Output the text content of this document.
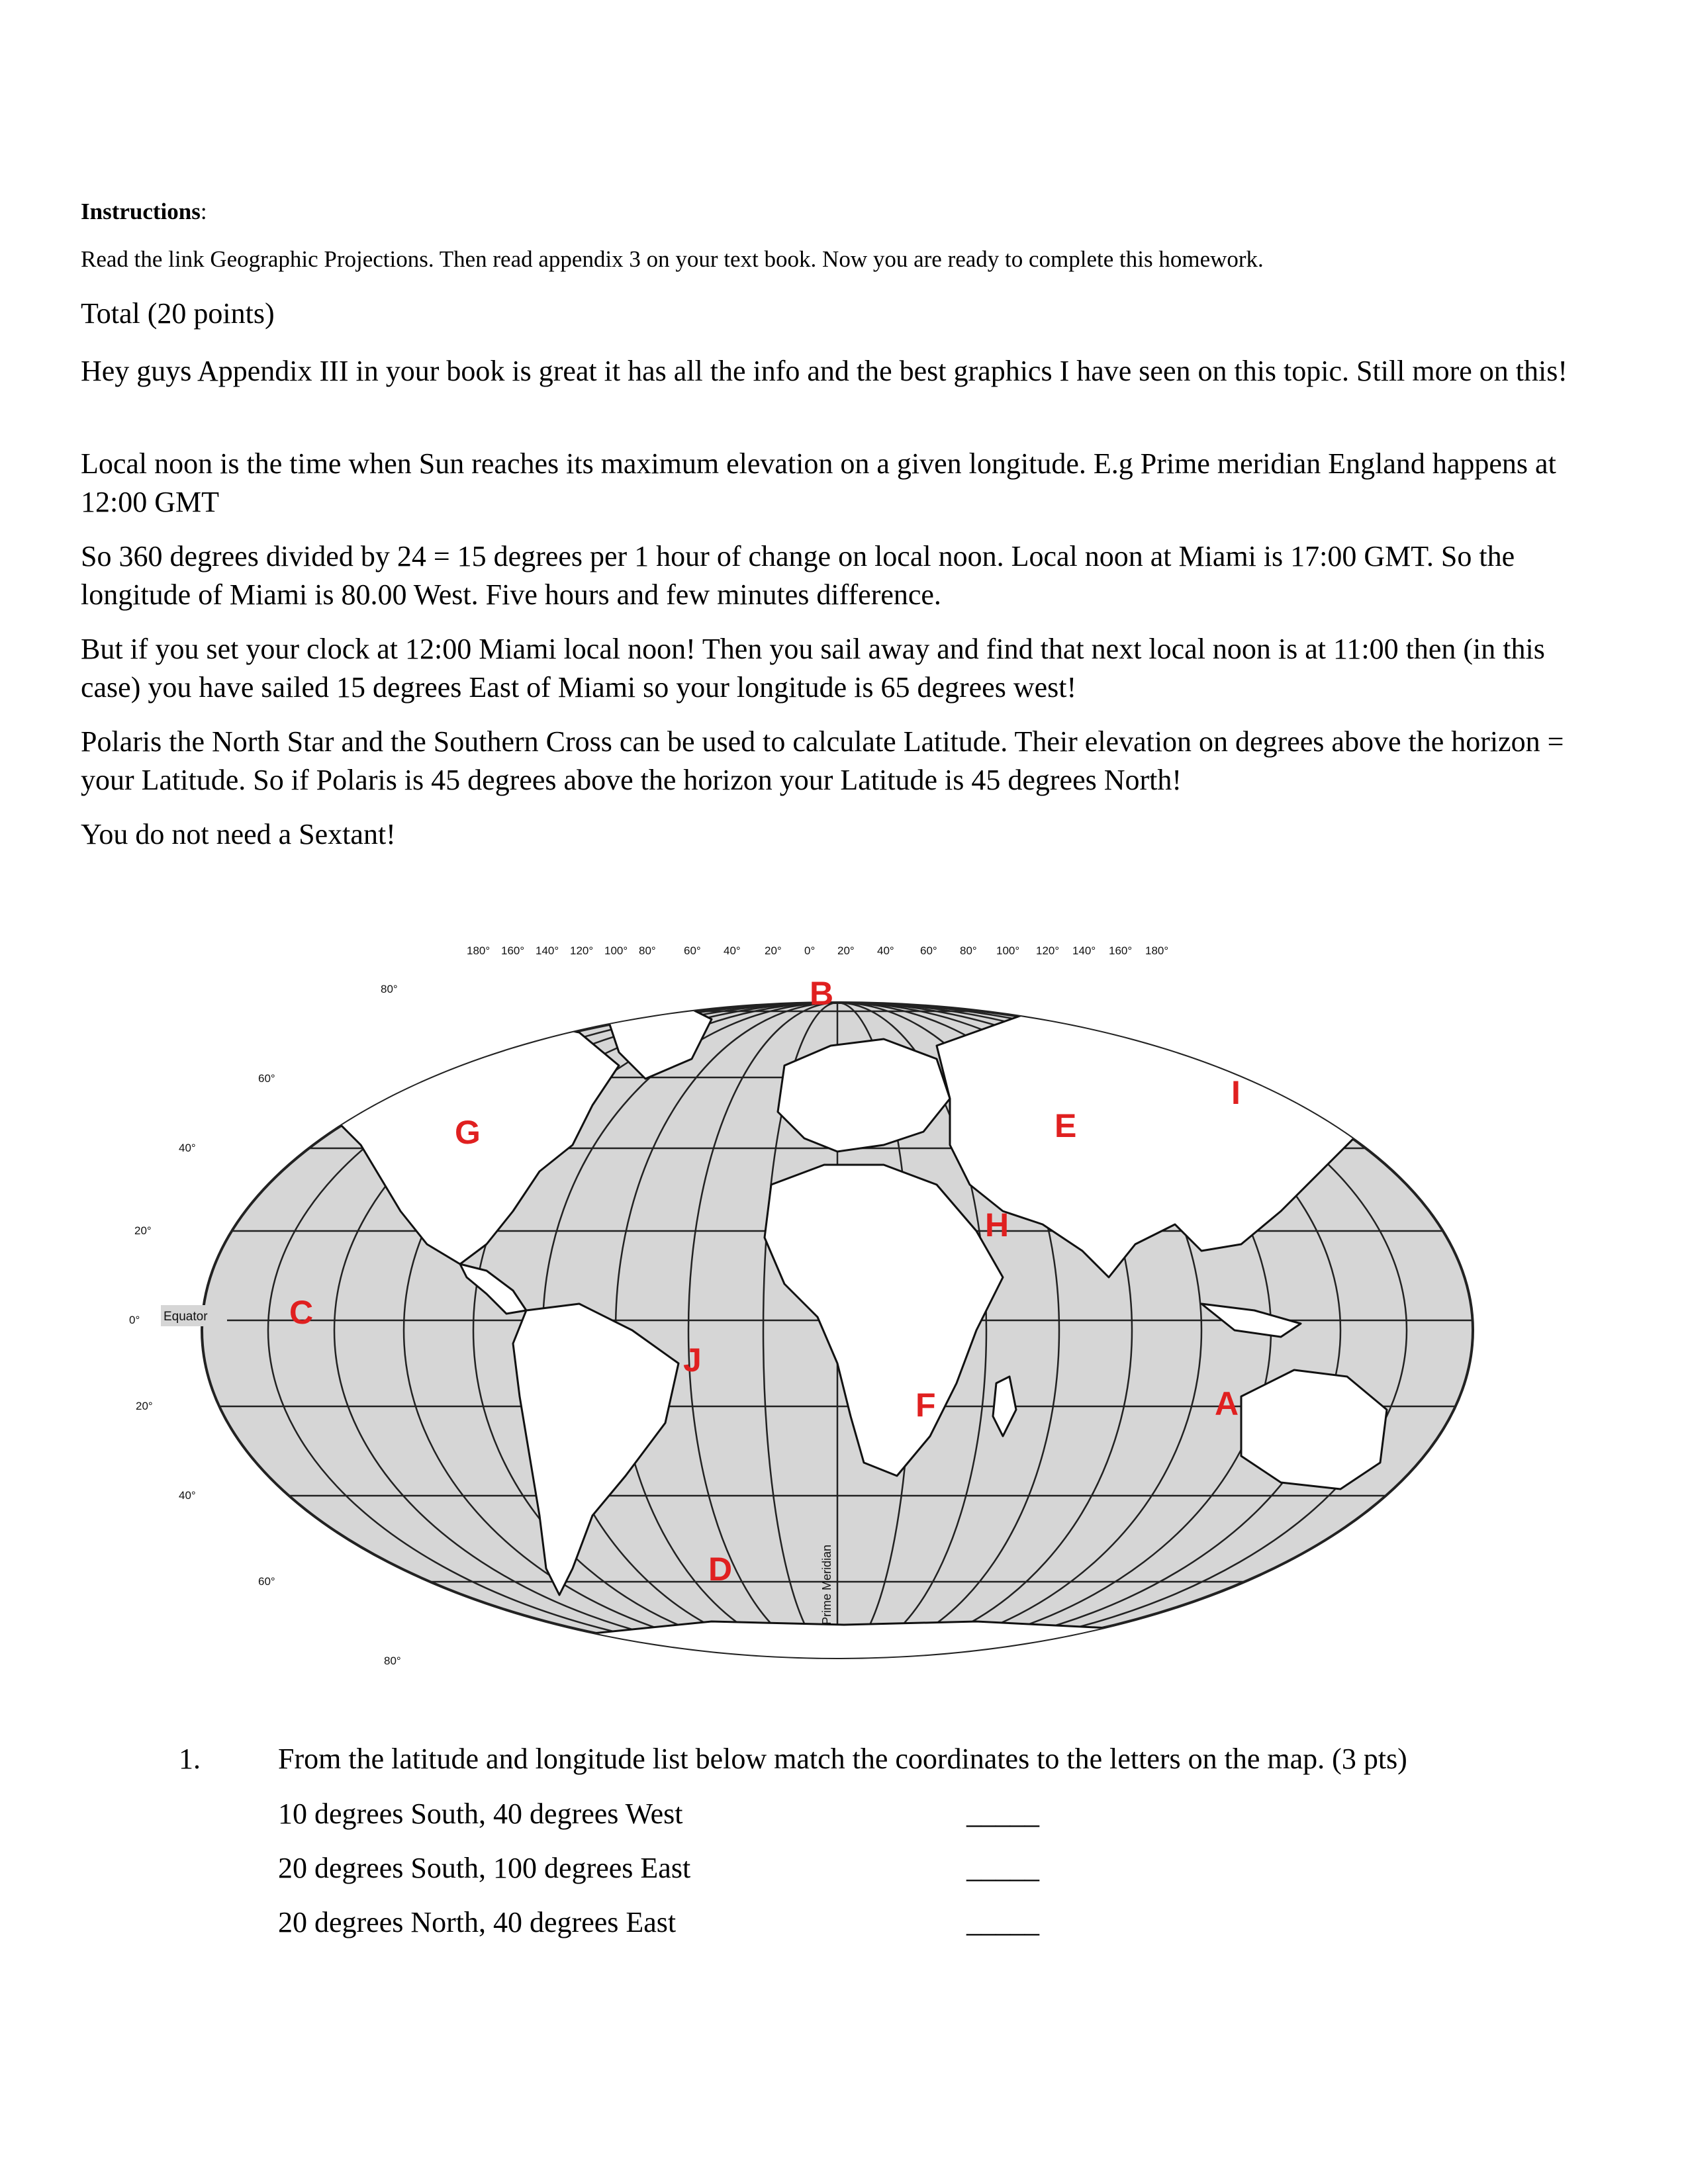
Instructions:
Read the link Geographic Projections. Then read appendix 3 on your text book. Now you are ready to complete this homework.
Total (20 points)
Hey guys Appendix III in your book is great it has all the info and the best graphics I have seen on this topic. Still more on this!
Local noon is the time when Sun reaches its maximum elevation on a given longitude. E.g Prime meridian England happens at 12:00 GMT
So 360 degrees divided by 24 = 15 degrees per 1 hour of change on local noon. Local noon at Miami is 17:00 GMT. So the longitude of Miami is 80.00 West. Five hours and few minutes difference.
But if you set your clock at 12:00 Miami local noon! Then you sail away and find that next local noon is at 11:00 then (in this case) you have sailed 15 degrees East of Miami so your longitude is 65 degrees west!
Polaris the North Star and the Southern Cross can be used to calculate Latitude. Their elevation on degrees above the horizon = your Latitude. So if Polaris is 45 degrees above the horizon your Latitude is 45 degrees North!
You do not need a Sextant!
180° 160° 140° 120° 100° 80° 60° 40° 20° 0° 20° 40° 60° 80° 100° 120° 140° 160° 180°
80°
60°
40°
20°
0°
20°
40°
60°
80°
Equator
Prime Meridian
B
G	E
I
H
C
J
F	A
D
1.	From the latitude and longitude list below match the coordinates to the letters on the map. (3 pts)
10 degrees South, 40 degrees West	_____
20 degrees South, 100 degrees East	_____
20 degrees North, 40 degrees East	_____
